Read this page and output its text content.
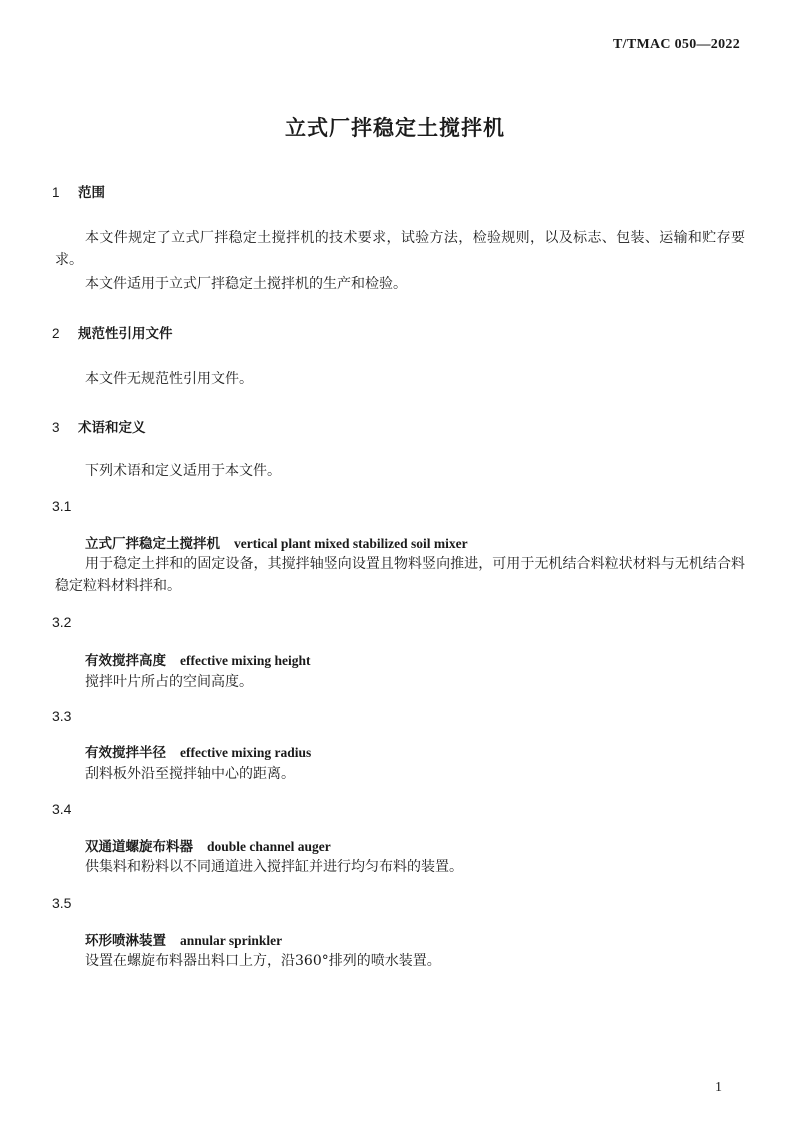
T/TMAC 050—2022
立式厂拌稳定土搅拌机
1 范围
本文件规定了立式厂拌稳定土搅拌机的技术要求，试验方法，检验规则，以及标志、包装、运输和贮存要求。
本文件适用于立式厂拌稳定土搅拌机的生产和检验。
2 规范性引用文件
本文件无规范性引用文件。
3 术语和定义
下列术语和定义适用于本文件。
3.1
立式厂拌稳定土搅拌机 vertical plant mixed stabilized soil mixer
用于稳定土拌和的固定设备，其搅拌轴竖向设置且物料竖向推进，可用于无机结合料粒状材料与无机结合料稳定粒料材料拌和。
3.2
有效搅拌高度 effective mixing height
搅拌叶片所占的空间高度。
3.3
有效搅拌半径 effective mixing radius
刮料板外沿至搅拌轴中心的距离。
3.4
双通道螺旋布料器 double channel auger
供集料和粉料以不同通道进入搅拌缸并进行均匀布料的装置。
3.5
环形喷淋装置 annular sprinkler
设置在螺旋布料器出料口上方，沿360°排列的喷水装置。
1
